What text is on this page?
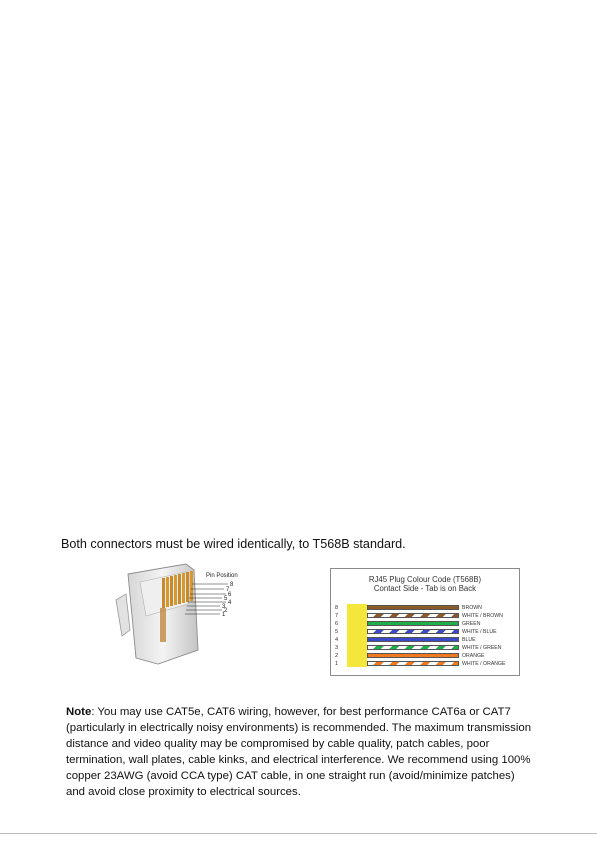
Both connectors must be wired identically, to T568B standard.
Pin Position
8
7
6
5
4
3
2
1
RJ45 Plug Colour Code (T568B)
Contact Side - Tab is on Back
8	BROWN
7	WHITE / BROWN
6	GREEN
5	WHITE / BLUE
4	BLUE
3	WHITE / GREEN
2	ORANGE
1	WHITE / ORANGE
Note: You may use CAT5e, CAT6 wiring, however, for best performance CAT6a or CAT7 (particularly in electrically noisy environments) is recommended. The maximum transmission distance and video quality may be compromised by cable quality, patch cables, poor termination, wall plates, cable kinks, and electrical interference. We recommend using 100% copper 23AWG (avoid CCA type) CAT cable, in one straight run (avoid/minimize patches) and avoid close proximity to electrical sources.
